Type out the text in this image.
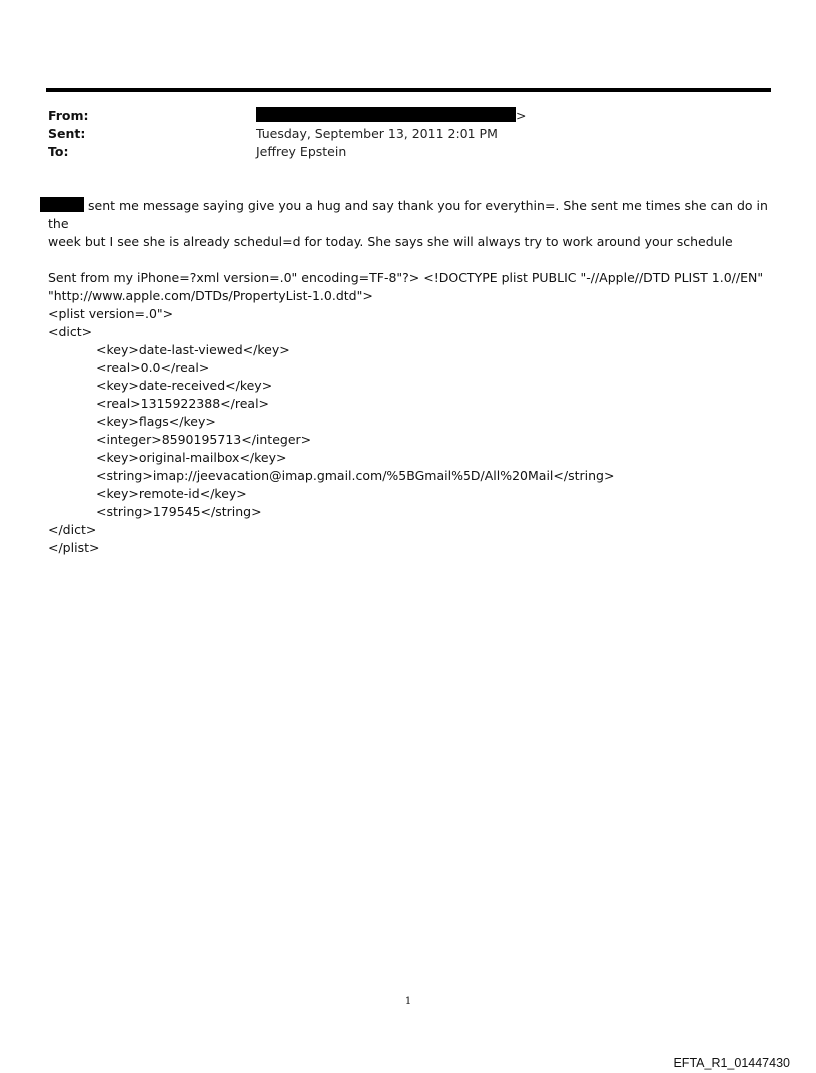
From:	>
Sent:	Tuesday, September 13, 2011 2:01 PM
To:	Jeffrey Epstein

sent me message saying give you a hug and say thank you for everythin=. She sent me times she can do in the

week but I see she is already schedul=d for today. She says she will always try to work around your schedule

Sent from my iPhone=?xml version=.0" encoding=TF-8"?> <!DOCTYPE plist PUBLIC "-//Apple//DTD PLIST 1.0//EN"

"http://www.apple.com/DTDs/PropertyList-1.0.dtd">

<plist version=.0">

<dict>

<key>date-last-viewed</key>

<real>0.0</real>

<key>date-received</key>

<real>1315922388</real>

<key>flags</key>

<integer>8590195713</integer>

<key>original-mailbox</key>

<string>imap://jeevacation@imap.gmail.com/%5BGmail%5D/All%20Mail</string>

<key>remote-id</key>

<string>179545</string>

</dict>

</plist>

1
EFTA_R1_01447430
